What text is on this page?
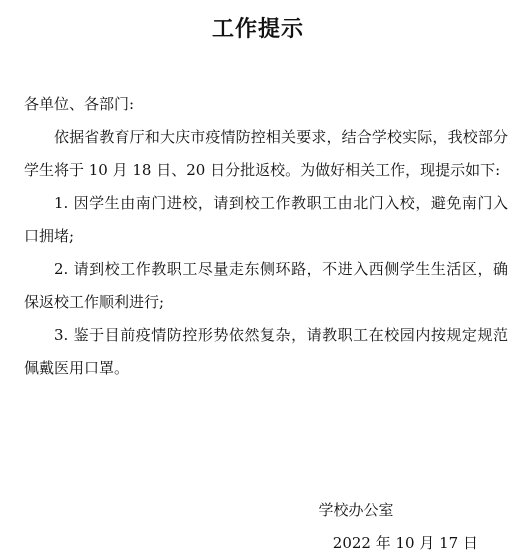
工作提示

各单位、各部门:

依据省教育厅和大庆市疫情防控相关要求，结合学校实际，我校部分学生将于 10 月 18 日、20 日分批返校。为做好相关工作，现提示如下:

1. 因学生由南门进校，请到校工作教职工由北门入校，避免南门入口拥堵;

2. 请到校工作教职工尽量走东侧环路，不进入西侧学生生活区，确保返校工作顺利进行;

3. 鉴于目前疫情防控形势依然复杂，请教职工在校园内按规定规范佩戴医用口罩。

学校办公室
2022 年 10 月 17 日
